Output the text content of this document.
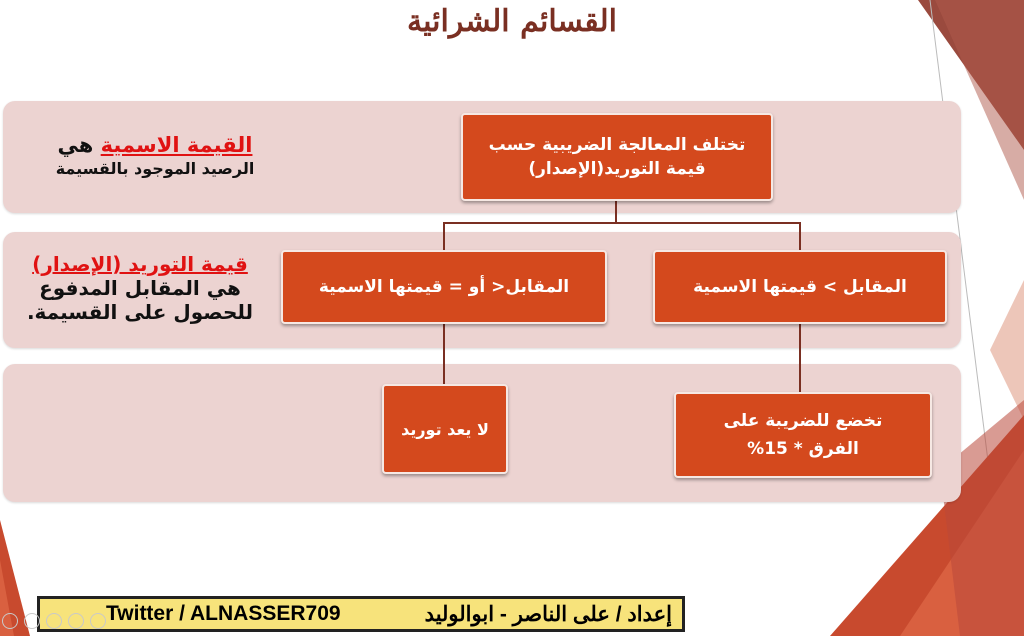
القسائم الشرائية
تختلف المعالجة الضريبية حسب
قيمة التوريد(الإصدار)
المقابل > قيمتها الاسمية
المقابل< أو = قيمتها الاسمية
تخضع للضريبة على
الفرق * 15%
لا يعد توريد
القيمة الاسمية هي
الرصيد الموجود بالقسيمة
قيمة التوريد (الإصدار)
هي المقابل المدفوع
للحصول على القسيمة.
إعداد / على الناصر - ابوالوليد
Twitter / ALNASSER709
